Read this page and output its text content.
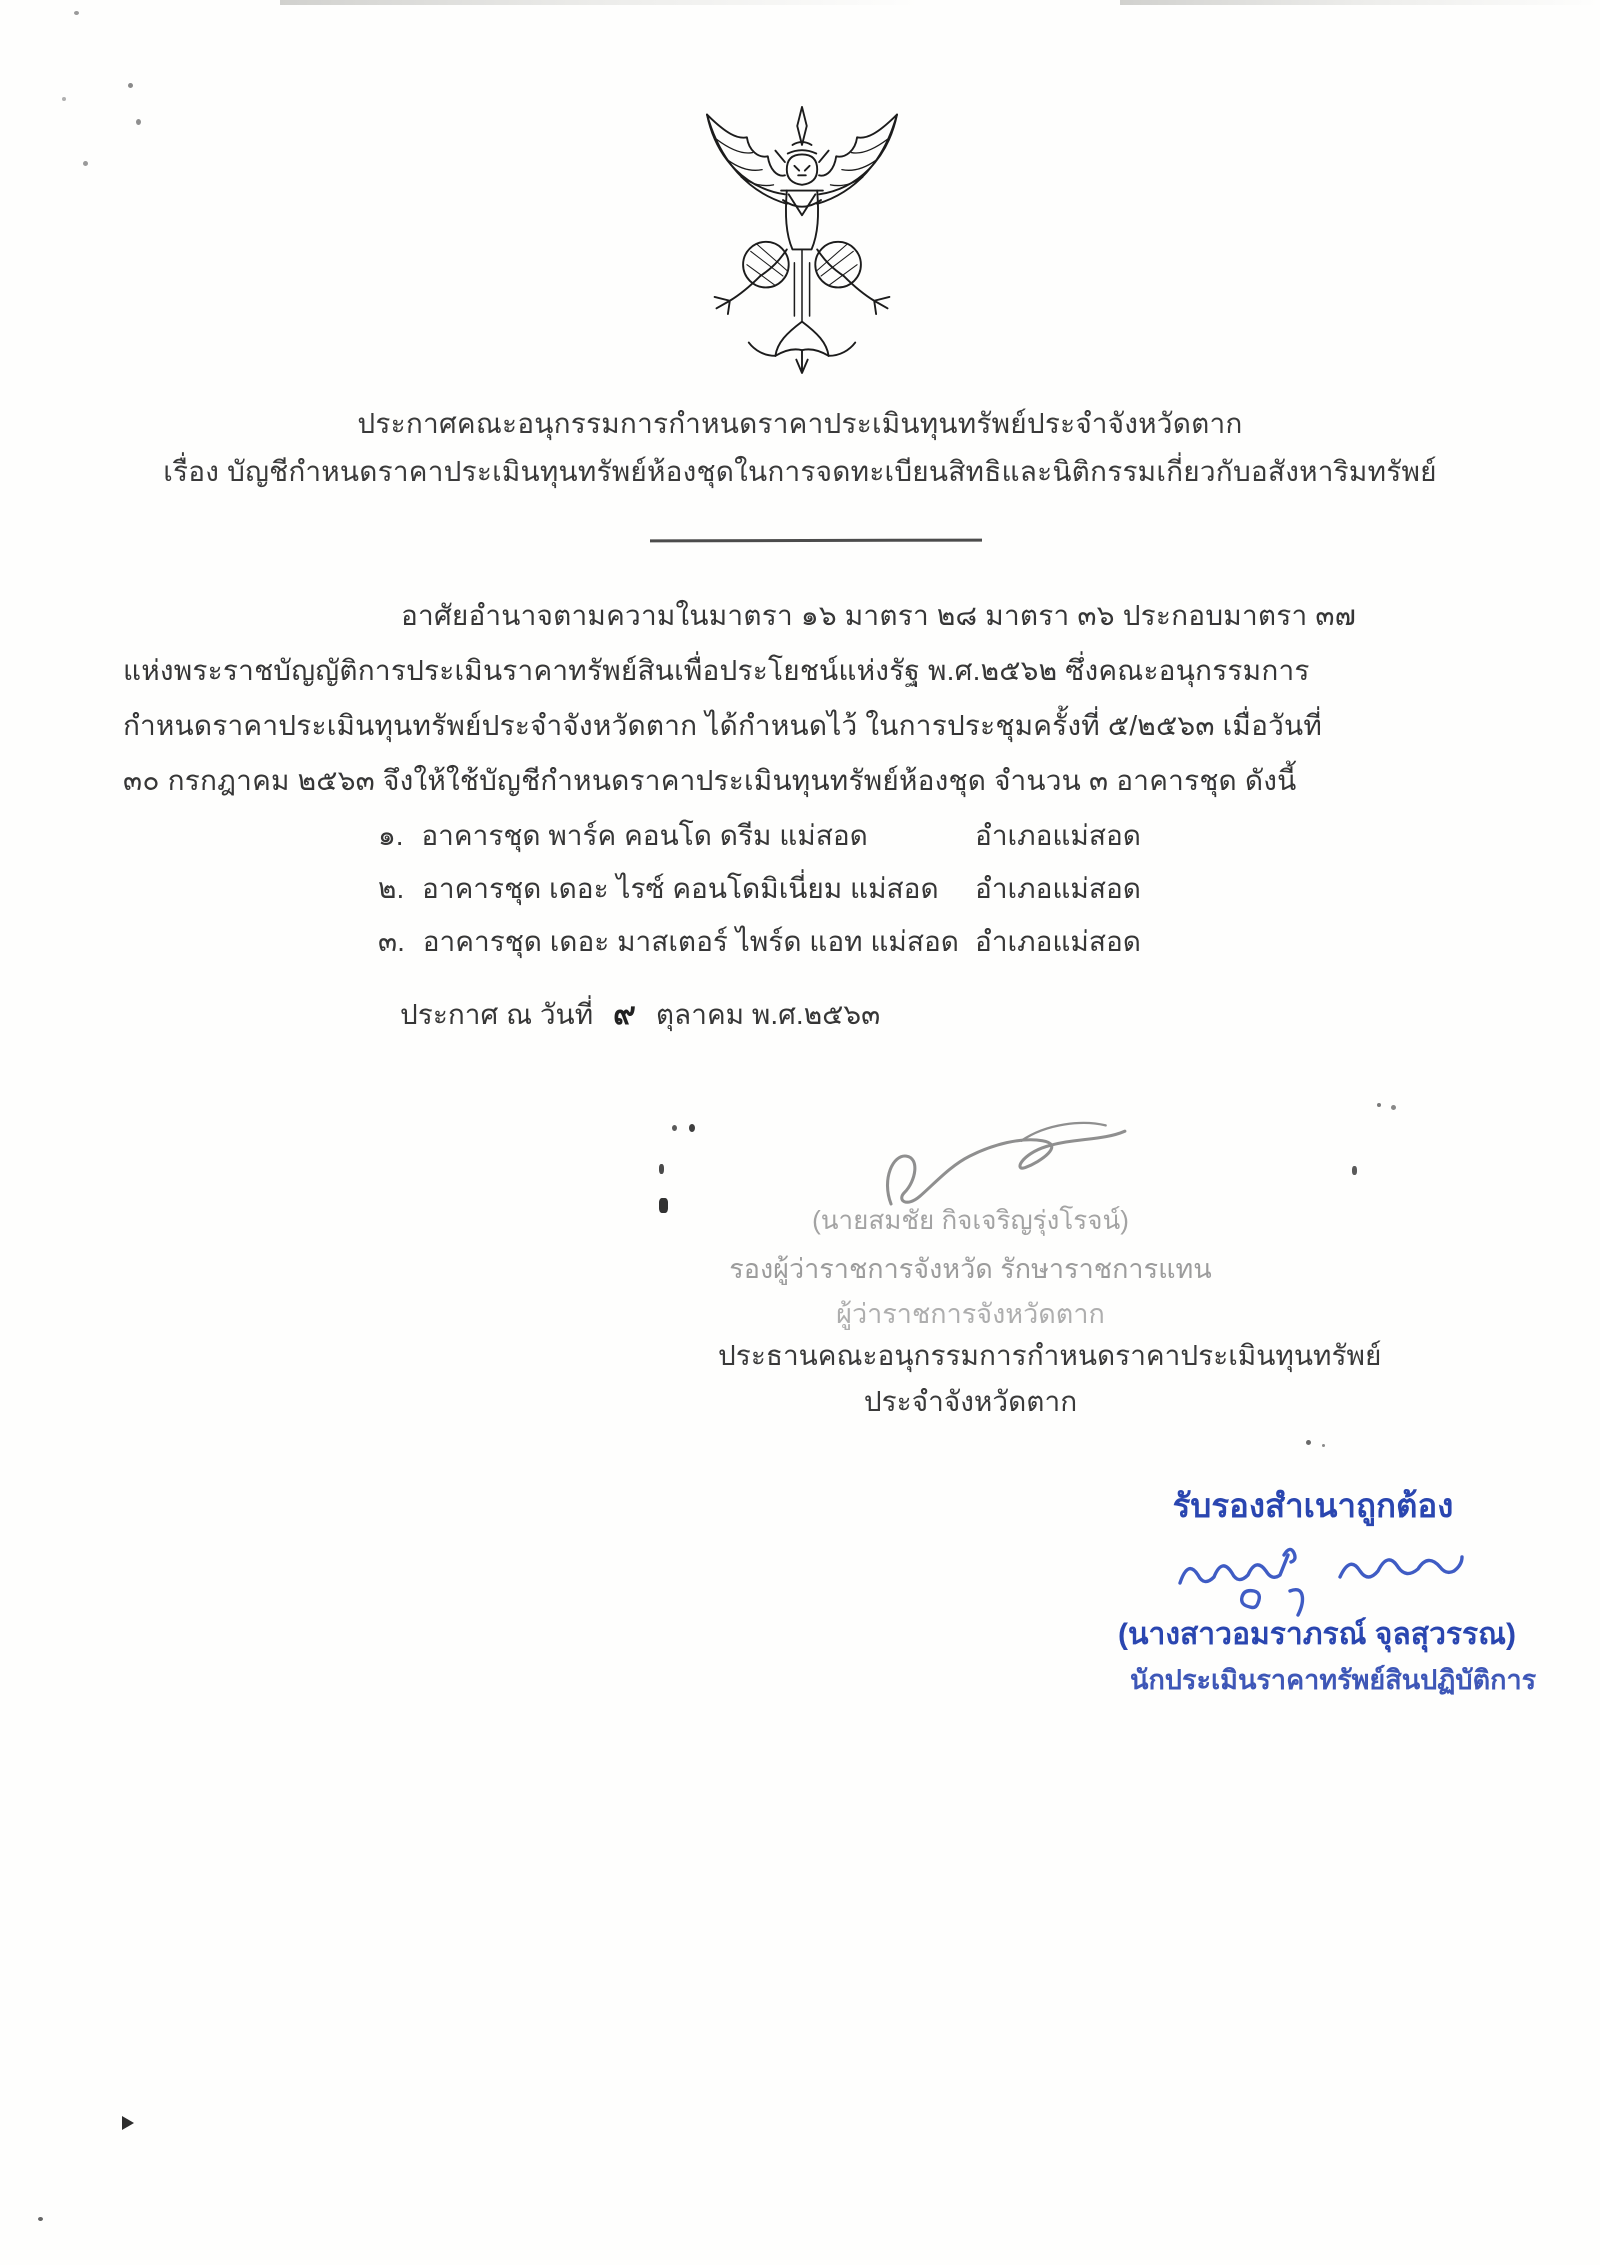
ประกาศคณะอนุกรรมการกำหนดราคาประเมินทุนทรัพย์ประจำจังหวัดตาก
เรื่อง บัญชีกำหนดราคาประเมินทุนทรัพย์ห้องชุดในการจดทะเบียนสิทธิและนิติกรรมเกี่ยวกับอสังหาริมทรัพย์
อาศัยอำนาจตามความในมาตรา ๑๖ มาตรา ๒๘ มาตรา ๓๖ ประกอบมาตรา ๓๗
แห่งพระราชบัญญัติการประเมินราคาทรัพย์สินเพื่อประโยชน์แห่งรัฐ พ.ศ.๒๕๖๒ ซึ่งคณะอนุกรรมการ
กำหนดราคาประเมินทุนทรัพย์ประจำจังหวัดตาก ได้กำหนดไว้ ในการประชุมครั้งที่ ๕/๒๕๖๓ เมื่อวันที่
๓๐ กรกฎาคม ๒๕๖๓ จึงให้ใช้บัญชีกำหนดราคาประเมินทุนทรัพย์ห้องชุด จำนวน ๓ อาคารชุด ดังนี้
๑. อาคารชุด พาร์ค คอนโด ดรีม แม่สอด	อำเภอแม่สอด
๒. อาคารชุด เดอะ ไรซ์ คอนโดมิเนี่ยม แม่สอด อำเภอแม่สอด
๓. อาคารชุด เดอะ มาสเตอร์ ไพร์ด แอท แม่สอด อำเภอแม่สอด
ประกาศ ณ วันที่ ๙ ตุลาคม พ.ศ.๒๕๖๓
(นายสมชัย กิจเจริญรุ่งโรจน์)
รองผู้ว่าราชการจังหวัด รักษาราชการแทน
ผู้ว่าราชการจังหวัดตาก
ประธานคณะอนุกรรมการกำหนดราคาประเมินทุนทรัพย์
ประจำจังหวัดตาก
รับรองสำเนาถูกต้อง
(นางสาวอมราภรณ์ จุลสุวรรณ)
นักประเมินราคาทรัพย์สินปฏิบัติการ
